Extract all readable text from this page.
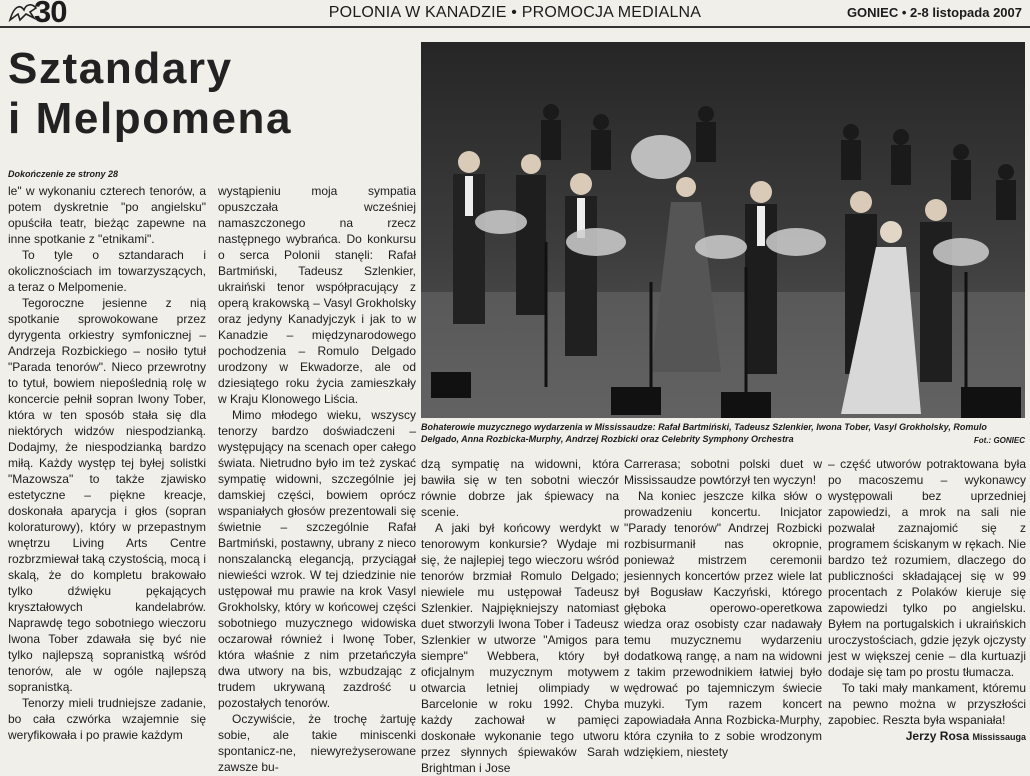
30	POLONIA W KANADZIE • PROMOCJA MEDIALNA	GONIEC • 2-8 listopada 2007
Sztandary
i Melpomena
Dokończenie ze strony 28

le" w wykonaniu czterech tenorów, a potem dyskretnie "po angielsku" opuściła teatr, bieżąc zapewne na inne spotkanie z "etnikami".

To tyle o sztandarach i okolicznościach im towarzyszących, a teraz o Melpomenie.

Tegoroczne jesienne z nią spotkanie sprowokowane przez dyrygenta orkiestry symfonicznej – Andrzeja Rozbickiego – nosiło tytuł "Parada tenorów". Nieco przewrotny to tytuł, bowiem niepoślednią rolę w koncercie pełnił sopran Iwony Tober, która w ten sposób stała się dla niektórych widzów niespodzianką. Dodajmy, że niespodzianką bardzo miłą. Każdy występ tej byłej solistki "Mazowsza" to także zjawisko estetyczne – piękne kreacje, doskonała aparycja i głos (sopran koloraturowy), który w przepastnym wnętrzu Living Arts Centre rozbrzmiewał taką czystością, mocą i skalą, że do kompletu brakowało tylko dźwięku pękających kryształowych kandelabrów. Naprawdę tego sobotniego wieczoru Iwona Tober zdawała się być nie tylko najlepszą sopranistką wśród tenorów, ale w ogóle najlepszą sopranistką.

Tenorzy mieli trudniejsze zadanie, bo cała czwórka wzajemnie się weryfikowała i po prawie każdym

wystąpieniu moja sympatia opuszczała wcześniej namaszczonego na rzecz następnego wybrańca. Do konkursu o serca Polonii stanęli: Rafał Bartmiński, Tadeusz Szlenkier, ukraiński tenor współpracujący z operą krakowską – Vasyl Grokholsky oraz jedyny Kanadyjczyk i jak to w Kanadzie – międzynarodowego pochodzenia – Romulo Delgado urodzony w Ekwadorze, ale od dziesiątego roku życia zamieszkały w Kraju Klonowego Liścia.

Mimo młodego wieku, wszyscy tenorzy bardzo doświadczeni – występujący na scenach oper całego świata. Nietrudno było im też zyskać sympatię widowni, szczególnie jej damskiej części, bowiem oprócz wspaniałych głosów prezentowali się świetnie – szczególnie Rafał Bartmiński, postawny, ubrany z nieco nonszalancką elegancją, przyciągał niewieści wzrok. W tej dziedzinie nie ustępował mu prawie na krok Vasyl Grokholsky, który w końcowej części sobotniego muzycznego widowiska oczarował również i Iwonę Tober, która właśnie z nim przetańczyła dwa utwory na bis, wzbudzając z trudem ukrywaną zazdrość u pozostałych tenorów.

Oczywiście, że trochę żartuję sobie, ale takie miniscenki spontanicz-ne, niewyreżyserowane zawsze bu-

Bohaterowie muzycznego wydarzenia w Mississaudze: Rafał Bartmiński, Tadeusz Szlenkier, Iwona Tober, Vasyl Grokholsky, Romulo Delgado, Anna Rozbicka-Murphy, Andrzej Rozbicki oraz Celebrity Symphony Orchestra	Fot.: GONIEC

dzą sympatię na widowni, która bawiła się w ten sobotni wieczór równie dobrze jak śpiewacy na scenie.

A jaki był końcowy werdykt w tenorowym konkursie? Wydaje mi się, że najlepiej tego wieczoru wśród tenorów brzmiał Romulo Delgado; niewiele mu ustępował Tadeusz Szlenkier. Najpiękniejszy natomiast duet stworzyli Iwona Tober i Tadeusz Szlenkier w utworze "Amigos para siempre" Webbera, który był oficjalnym muzycznym motywem otwarcia letniej olimpiady w Barcelonie w roku 1992. Chyba każdy zachował w pamięci doskonałe wykonanie tego utworu przez słynnych śpiewaków Sarah Brightman i Jose

Carrerasa; sobotni polski duet w Mississaudze powtórzył ten wyczyn!

Na koniec jeszcze kilka słów o prowadzeniu koncertu. Inicjator "Parady tenorów" Andrzej Rozbicki rozbisurmanił nas okropnie, ponieważ mistrzem ceremonii jesiennych koncertów przez wiele lat był Bogusław Kaczyński, którego głęboka operowo-operetkowa wiedza oraz osobisty czar nadawały temu muzycznemu wydarzeniu dodatkową rangę, a nam na widowni z takim przewodnikiem łatwiej było wędrować po tajemniczym świecie muzyki. Tym razem koncert zapowiadała Anna Rozbicka-Murphy, która czyniła to z sobie wrodzonym wdziękiem, niestety

– część utworów potraktowana była po macoszemu – wykonawcy występowali bez uprzedniej zapowiedzi, a mrok na sali nie pozwalał zaznajomić się z programem ściskanym w rękach. Nie bardzo też rozumiem, dlaczego do publiczności składającej się w 99 procentach z Polaków kieruje się zapowiedzi tylko po angielsku. Byłem na portugalskich i ukraińskich uroczystościach, gdzie język ojczysty jest w większej cenie – dla kurtuazji dodaje się tam po prostu tłumacza.

To taki mały mankament, któremu na pewno można w przyszłości zapobiec. Reszta była wspaniała!

Jerzy Rosa Mississauga
